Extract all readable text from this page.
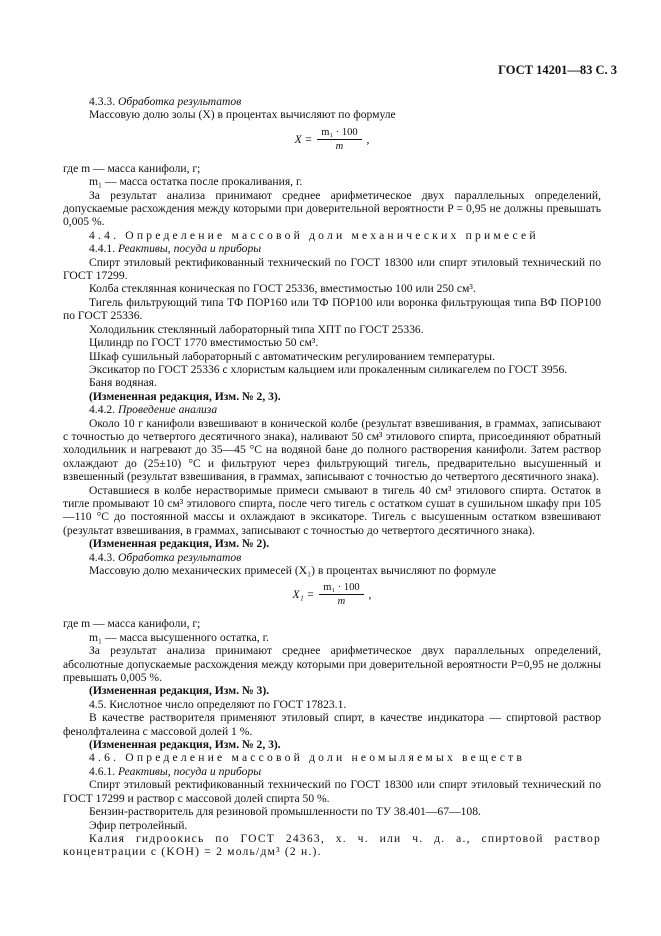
ГОСТ 14201—83 С. 3

4.3.3. Обработка результатов

Массовую долю золы (X) в процентах вычисляют по формуле

$X = \frac{\text{m₁ · 100}}{m}$ ,

где m — масса канифоли, г;

m₁ — масса остатка после прокаливания, г.

За результат анализа принимают среднее арифметическое двух параллельных определений, допускаемые расхождения между которыми при доверительной вероятности P = 0,95 не должны превышать 0,005 %.

4.4. Определение массовой доли механических примесей

4.4.1. Реактивы, посуда и приборы

Спирт этиловый ректификованный технический по ГОСТ 18300 или спирт этиловый технический по ГОСТ 17299.

Колба стеклянная коническая по ГОСТ 25336, вместимостью 100 или 250 см³.

Тигель фильтрующий типа ТФ ПОР160 или ТФ ПОР100 или воронка фильтрующая типа ВФ ПОР100 по ГОСТ 25336.

Холодильник стеклянный лабораторный типа ХПТ по ГОСТ 25336.

Цилиндр по ГОСТ 1770 вместимостью 50 см³.

Шкаф сушильный лабораторный с автоматическим регулированием температуры.

Эксикатор по ГОСТ 25336 с хлористым кальцием или прокаленным силикагелем по ГОСТ 3956.

Баня водяная.

(Измененная редакция, Изм. № 2, 3).

4.4.2. Проведение анализа

Около 10 г канифоли взвешивают в конической колбе (результат взвешивания, в граммах, записывают с точностью до четвертого десятичного знака), наливают 50 см³ этилового спирта, присоединяют обратный холодильник и нагревают до 35—45 °С на водяной бане до полного растворения канифоли. Затем раствор охлаждают до (25±10) °С и фильтруют через фильтрующий тигель, предварительно высушенный и взвешенный (результат взвешивания, в граммах, записывают с точностью до четвертого десятичного знака).

Оставшиеся в колбе нерастворимые примеси смывают в тигель 40 см³ этилового спирта. Остаток в тигле промывают 10 см³ этилового спирта, после чего тигель с остатком сушат в сушильном шкафу при 105—110 °С до постоянной массы и охлаждают в эксикаторе. Тигель с высушенным остатком взвешивают (результат взвешивания, в граммах, записывают с точностью до четвертого десятичного знака).

(Измененная редакция, Изм. № 2).

4.4.3. Обработка результатов

Массовую долю механических примесей (X₁) в процентах вычисляют по формуле

$X_1 = \frac{\text{m₁ · 100}}{m}$ ,

где m — масса канифоли, г;

m₁ — масса высушенного остатка, г.

За результат анализа принимают среднее арифметическое двух параллельных определений, абсолютные допускаемые расхождения между которыми при доверительной вероятности P=0,95 не должны превышать 0,005 %.

(Измененная редакция, Изм. № 3).

4.5. Кислотное число определяют по ГОСТ 17823.1.

В качестве растворителя применяют этиловый спирт, в качестве индикатора — спиртовой раствор фенолфталеина с массовой долей 1 %.

(Измененная редакция, Изм. № 2, 3).

4.6. Определение массовой доли неомыляемых веществ

4.6.1. Реактивы, посуда и приборы

Спирт этиловый ректификованный технический по ГОСТ 18300 или спирт этиловый технический по ГОСТ 17299 и раствор с массовой долей спирта 50 %.

Бензин-растворитель для резиновой промышленности по ТУ 38.401—67—108.

Эфир петролейный.

Калия гидроокись по ГОСТ 24363, х. ч. или ч. д. а., спиртовой раствор концентрации c (KOH) = 2 моль/дм³ (2 н.).
